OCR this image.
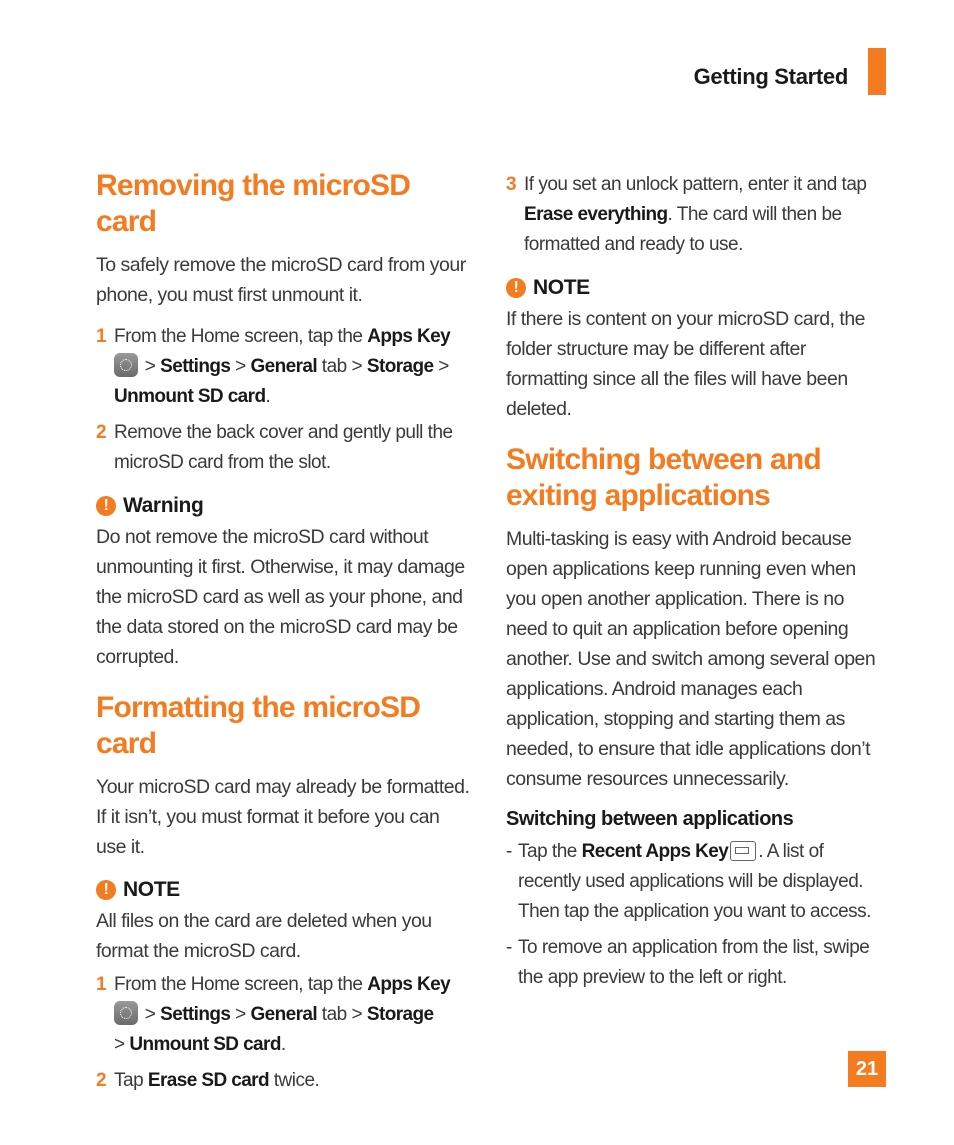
Getting Started
Removing the microSD card

To safely remove the microSD card from your phone, you must first unmount it.

1 From the Home screen, tap the Apps Key
> Settings > General tab > Storage > Unmount SD card.
2 Remove the back cover and gently pull the microSD card from the slot.
! Warning

Do not remove the microSD card without unmounting it first. Otherwise, it may damage the microSD card as well as your phone, and the data stored on the microSD card may be corrupted.

Formatting the microSD card

Your microSD card may already be formatted. If it isn’t, you must format it before you can use it.

! NOTE

All files on the card are deleted when you format the microSD card.

1 From the Home screen, tap the Apps Key
> Settings > General tab > Storage
> Unmount SD card.
2 Tap Erase SD card twice.
3 If you set an unlock pattern, enter it and tap Erase everything. The card will then be formatted and ready to use.
! NOTE

If there is content on your microSD card, the folder structure may be different after formatting since all the files will have been deleted.

Switching between and exiting applications

Multi-tasking is easy with Android because open applications keep running even when you open another application. There is no need to quit an application before opening another. Use and switch among several open applications. Android manages each application, stopping and starting them as needed, to ensure that idle applications don’t consume resources unnecessarily.

Switching between applications
- Tap the Recent Apps Key . A list of recently used applications will be displayed. Then tap the application you want to access.
- To remove an application from the list, swipe the app preview to the left or right.
21
